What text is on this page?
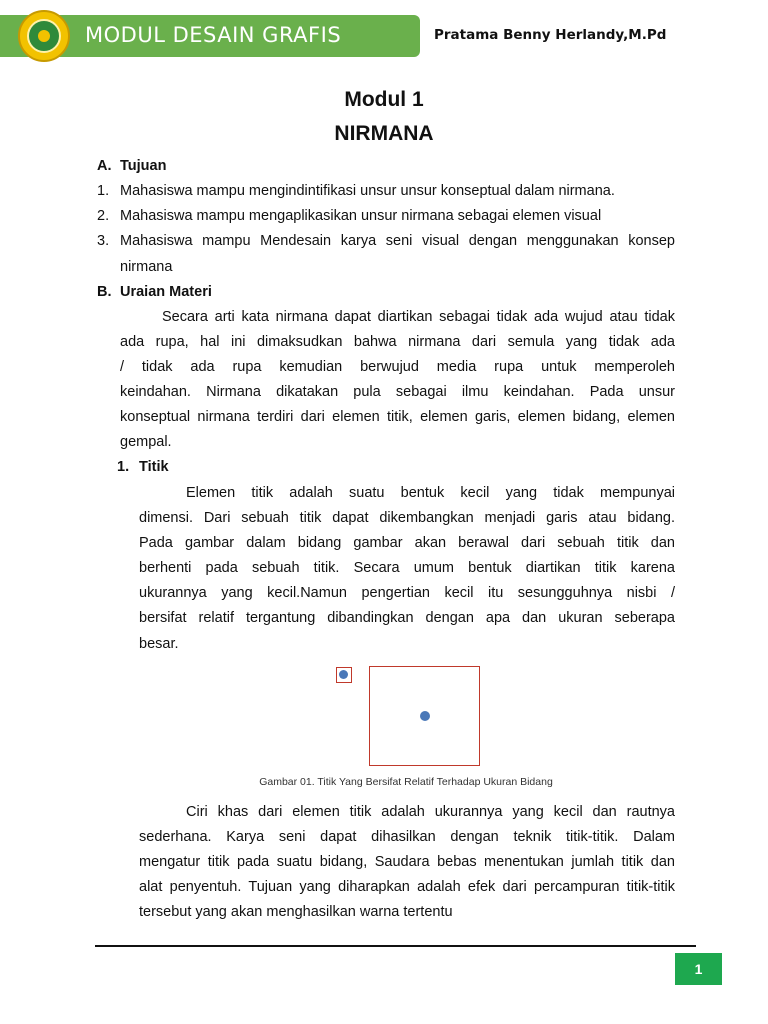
MODUL DESAIN GRAFIS	Pratama Benny Herlandy,M.Pd
Modul 1
NIRMANA
A. Tujuan
1. Mahasiswa mampu mengindintifikasi unsur unsur konseptual dalam nirmana.
2. Mahasiswa mampu mengaplikasikan unsur nirmana sebagai elemen visual
3. Mahasiswa mampu Mendesain karya seni visual dengan menggunakan konsep
nirmana
B. Uraian Materi
Secara arti kata nirmana dapat diartikan sebagai tidak ada wujud atau tidak
ada rupa, hal ini dimaksudkan bahwa nirmana dari semula yang tidak ada
/ tidak ada rupa kemudian berwujud media rupa untuk memperoleh
keindahan. Nirmana dikatakan pula sebagai ilmu keindahan. Pada unsur
konseptual nirmana terdiri dari elemen titik, elemen garis, elemen bidang, elemen
gempal.
1. Titik
Elemen titik adalah suatu bentuk kecil yang tidak mempunyai
dimensi. Dari sebuah titik dapat dikembangkan menjadi garis atau bidang.
Pada gambar dalam bidang gambar akan berawal dari sebuah titik dan
berhenti pada sebuah titik. Secara umum bentuk diartikan titik karena
ukurannya yang kecil.Namun pengertian kecil itu sesungguhnya nisbi /
bersifat relatif tergantung dibandingkan dengan apa dan ukuran seberapa
besar.
Gambar 01. Titik Yang Bersifat Relatif Terhadap Ukuran Bidang
Ciri khas dari elemen titik adalah ukurannya yang kecil dan rautnya
sederhana. Karya seni dapat dihasilkan dengan teknik titik-titik. Dalam
mengatur titik pada suatu bidang, Saudara bebas menentukan jumlah titik dan
alat penyentuh. Tujuan yang diharapkan adalah efek dari percampuran titik-titik
tersebut yang akan menghasilkan warna tertentu
1
